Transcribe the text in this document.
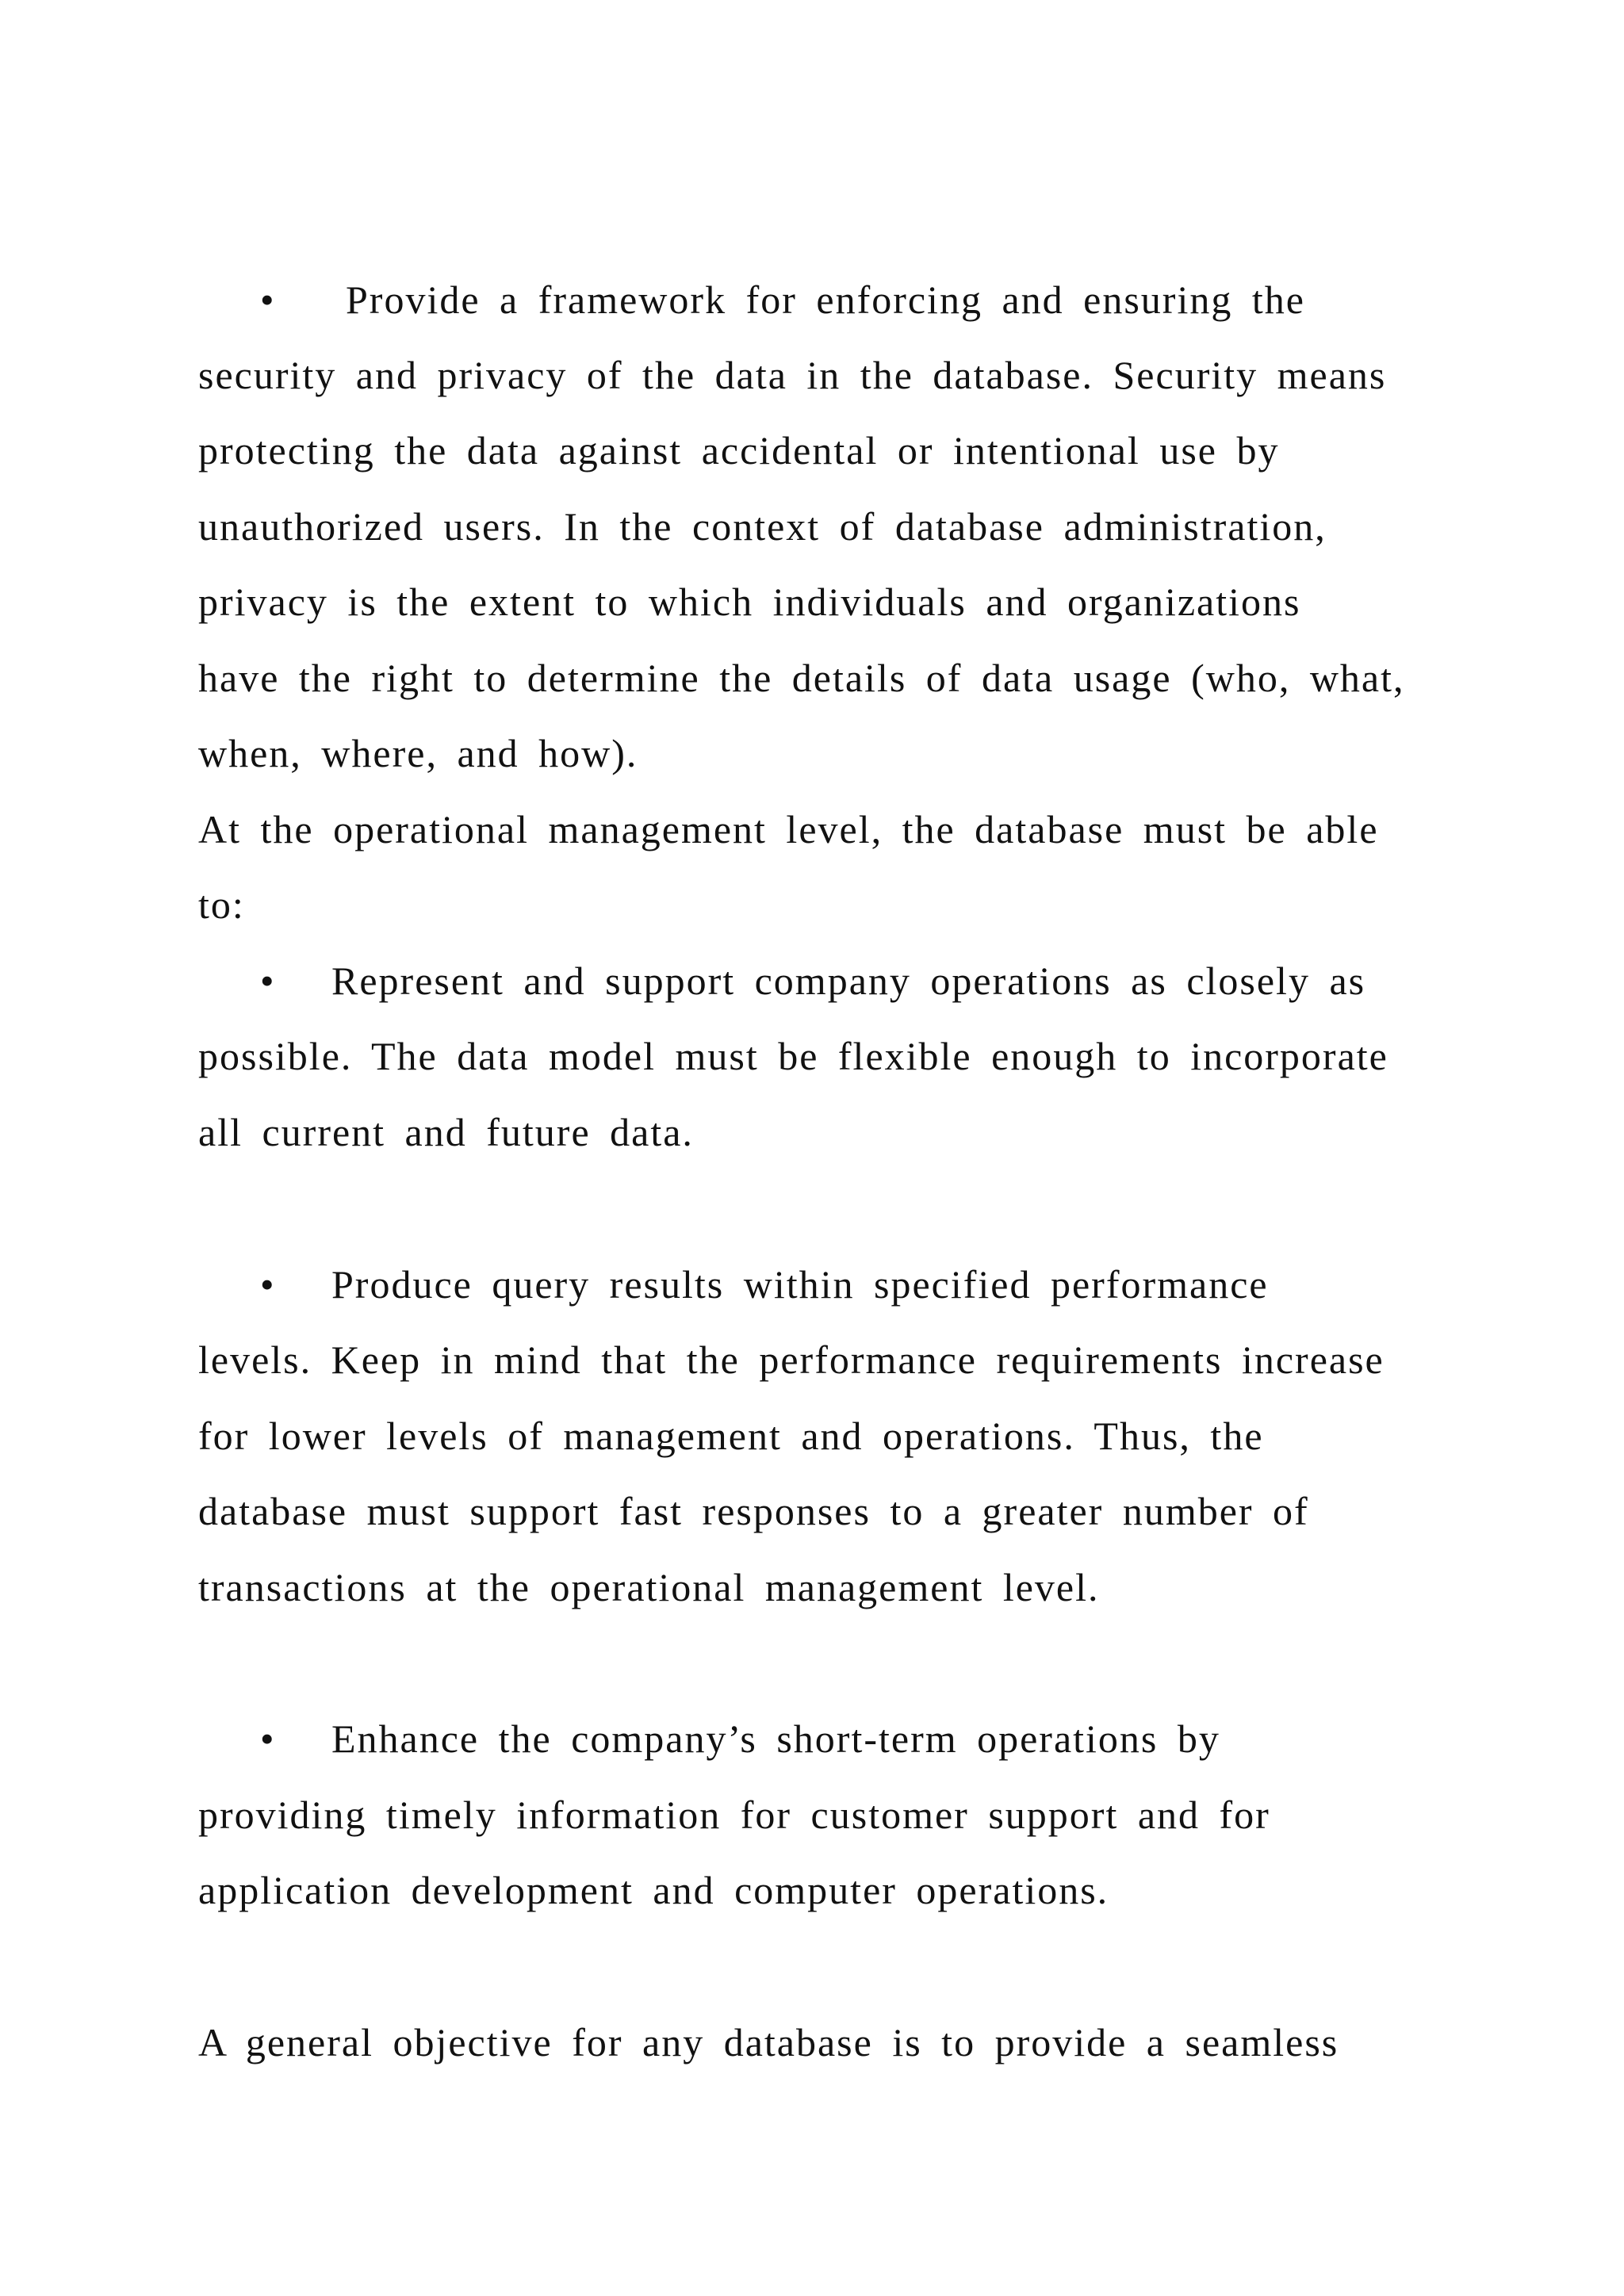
• Provide a framework for enforcing and ensuring the
security and privacy of the data in the database. Security means
protecting the data against accidental or intentional use by
unauthorized users. In the context of database administration,
privacy is the extent to which individuals and organizations
have the right to determine the details of data usage (who, what,
when, where, and how).
At the operational management level, the database must be able
to:
• Represent and support company operations as closely as
possible. The data model must be flexible enough to incorporate
all current and future data.
• Produce query results within specified performance
levels. Keep in mind that the performance requirements increase
for lower levels of management and operations. Thus, the
database must support fast responses to a greater number of
transactions at the operational management level.
• Enhance the company’s short-term operations by
providing timely information for customer support and for
application development and computer operations.
A general objective for any database is to provide a seamless
